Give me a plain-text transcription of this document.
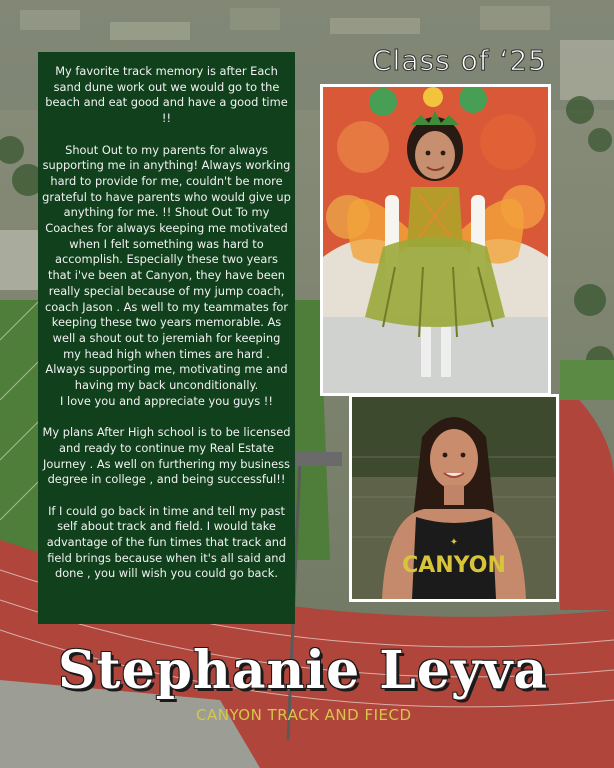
Class of ‘25

My favorite track memory is after Each sand dune work out we would go to the beach and eat good and have a good time !!

Shout Out to my parents for always supporting me in anything! Always working hard to provide for me, couldn't be more grateful to have parents who would give up anything for me. !! Shout Out To my Coaches for always keeping me motivated when I felt something was hard to accomplish. Especially these two years that i've been at Canyon, they have been really special because of my jump coach, coach Jason . As well to my teammates for keeping these two years memorable. As well a shout out to jeremiah for keeping my head high when times are hard . Always supporting me, motivating me and having my back unconditionally.
I love you and appreciate you guys !!

My plans After High school is to be licensed and ready to continue my Real Estate Journey . As well on furthering my business degree in college , and being successful!!

If I could go back in time and tell my past self about track and field. I would take advantage of the fun times that track and field brings because when it's all said and done , you will wish you could go back.	CANYON
✦
Stephanie Leyva
CANYON TRACK AND FIECD
